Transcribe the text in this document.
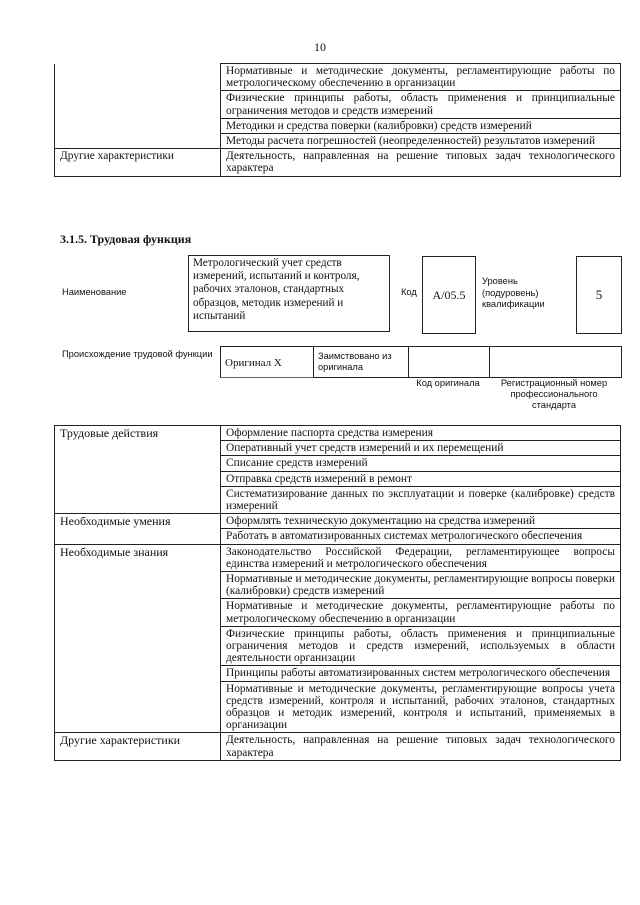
10
	Нормативные и методические документы, регламентирующие работы по метрологическому обеспечению в организации
	Физические принципы работы, область применения и принципиальные ограничения методов и средств измерений
	Методики и средства поверки (калибровки) средств измерений
	Методы расчета погрешностей (неопределенностей) результатов измерений
Другие характеристики	Деятельность, направленная на решение типовых задач технологического характера
3.1.5. Трудовая функция
Наименование
Метрологический учет средств измерений, испытаний и контроля, рабочих эталонов, стандартных образцов, методик измерений и испытаний
Код	А/05.5
Уровень (подуровень) квалификации
5
Происхождение трудовой функции
Оригинал X
Заимствовано из оригинала
Код оригинала	Регистрационный номер профессионального стандарта
Трудовые действия	Оформление паспорта средства измерения
	Оперативный учет средств измерений и их перемещений
	Списание средств измерений
	Отправка средств измерений в ремонт
	Систематизирование данных по эксплуатации и поверке (калибровке) средств измерений
Необходимые умения	Оформлять техническую документацию на средства измерений
	Работать в автоматизированных системах метрологического обеспечения
Необходимые знания	Законодательство Российской Федерации, регламентирующее вопросы единства измерений и метрологического обеспечения
	Нормативные и методические документы, регламентирующие вопросы поверки (калибровки) средств измерений
	Нормативные и методические документы, регламентирующие работы по метрологическому обеспечению в организации
	Физические принципы работы, область применения и принципиальные ограничения методов и средств измерений, используемых в области деятельности организации
	Принципы работы автоматизированных систем метрологического обеспечения
	Нормативные и методические документы, регламентирующие вопросы учета средств измерений, контроля и испытаний, рабочих эталонов, стандартных образцов и методик измерений, контроля и испытаний, применяемых в организации
Другие характеристики	Деятельность, направленная на решение типовых задач технологического характера
